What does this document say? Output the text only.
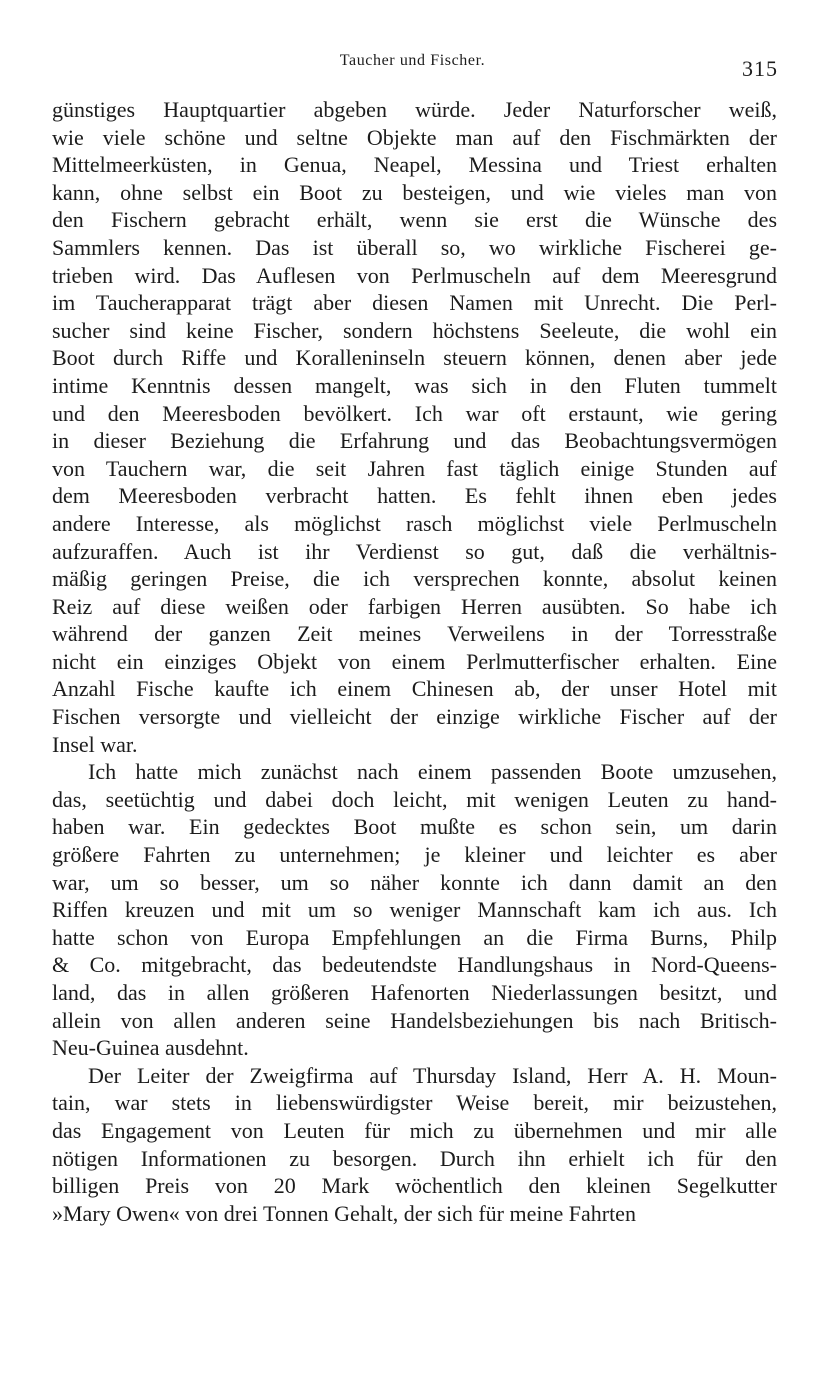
Taucher und Fischer.	315
günstiges Hauptquartier abgeben würde. Jeder Naturforscher weiß,
wie viele schöne und seltne Objekte man auf den Fischmärkten der
Mittelmeerküsten, in Genua, Neapel, Messina und Triest erhalten
kann, ohne selbst ein Boot zu besteigen, und wie vieles man von
den Fischern gebracht erhält, wenn sie erst die Wünsche des
Sammlers kennen. Das ist überall so, wo wirkliche Fischerei ge-
trieben wird. Das Auflesen von Perlmuscheln auf dem Meeresgrund
im Taucherapparat trägt aber diesen Namen mit Unrecht. Die Perl-
sucher sind keine Fischer, sondern höchstens Seeleute, die wohl ein
Boot durch Riffe und Koralleninseln steuern können, denen aber jede
intime Kenntnis dessen mangelt, was sich in den Fluten tummelt
und den Meeresboden bevölkert. Ich war oft erstaunt, wie gering
in dieser Beziehung die Erfahrung und das Beobachtungsvermögen
von Tauchern war, die seit Jahren fast täglich einige Stunden auf
dem Meeresboden verbracht hatten. Es fehlt ihnen eben jedes
andere Interesse, als möglichst rasch möglichst viele Perlmuscheln
aufzuraffen. Auch ist ihr Verdienst so gut, daß die verhältnis-
mäßig geringen Preise, die ich versprechen konnte, absolut keinen
Reiz auf diese weißen oder farbigen Herren ausübten. So habe ich
während der ganzen Zeit meines Verweilens in der Torresstraße
nicht ein einziges Objekt von einem Perlmutterfischer erhalten. Eine
Anzahl Fische kaufte ich einem Chinesen ab, der unser Hotel mit
Fischen versorgte und vielleicht der einzige wirkliche Fischer auf der
Insel war.
Ich hatte mich zunächst nach einem passenden Boote umzusehen,
das, seetüchtig und dabei doch leicht, mit wenigen Leuten zu hand-
haben war. Ein gedecktes Boot mußte es schon sein, um darin
größere Fahrten zu unternehmen; je kleiner und leichter es aber
war, um so besser, um so näher konnte ich dann damit an den
Riffen kreuzen und mit um so weniger Mannschaft kam ich aus. Ich
hatte schon von Europa Empfehlungen an die Firma Burns, Philp
& Co. mitgebracht, das bedeutendste Handlungshaus in Nord-Queens-
land, das in allen größeren Hafenorten Niederlassungen besitzt, und
allein von allen anderen seine Handelsbeziehungen bis nach Britisch-
Neu-Guinea ausdehnt.
Der Leiter der Zweigfirma auf Thursday Island, Herr A. H. Moun-
tain, war stets in liebenswürdigster Weise bereit, mir beizustehen,
das Engagement von Leuten für mich zu übernehmen und mir alle
nötigen Informationen zu besorgen. Durch ihn erhielt ich für den
billigen Preis von 20 Mark wöchentlich den kleinen Segelkutter
»Mary Owen« von drei Tonnen Gehalt, der sich für meine Fahrten
